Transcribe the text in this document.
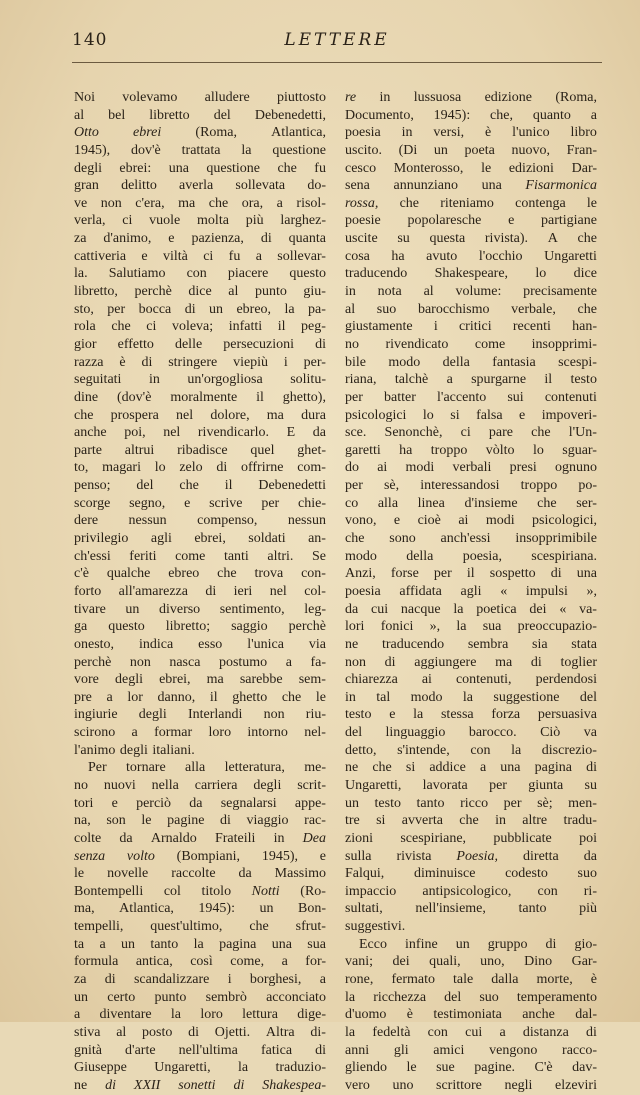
140	LETTERE
Noi volevamo alludere piuttosto
al bel libretto del Debenedetti,
Otto ebrei (Roma, Atlantica,
1945), dov'è trattata la questione
degli ebrei: una questione che fu
gran delitto averla sollevata do-
ve non c'era, ma che ora, a risol-
verla, ci vuole molta più larghez-
za d'animo, e pazienza, di quanta
cattiveria e viltà ci fu a sollevar-
la. Salutiamo con piacere questo
libretto, perchè dice al punto giu-
sto, per bocca di un ebreo, la pa-
rola che ci voleva; infatti il peg-
gior effetto delle persecuzioni di
razza è di stringere viepiù i per-
seguitati in un'orgogliosa solitu-
dine (dov'è moralmente il ghetto),
che prospera nel dolore, ma dura
anche poi, nel rivendicarlo. E da
parte altrui ribadisce quel ghet-
to, magari lo zelo di offrirne com-
penso; del che il Debenedetti
scorge segno, e scrive per chie-
dere nessun compenso, nessun
privilegio agli ebrei, soldati an-
ch'essi feriti come tanti altri. Se
c'è qualche ebreo che trova con-
forto all'amarezza di ieri nel col-
tivare un diverso sentimento, leg-
ga questo libretto; saggio perchè
onesto, indica esso l'unica via
perchè non nasca postumo a fa-
vore degli ebrei, ma sarebbe sem-
pre a lor danno, il ghetto che le
ingiurie degli Interlandi non riu-
scirono a formar loro intorno nel-
l'animo degli italiani.
Per tornare alla letteratura, me-
no nuovi nella carriera degli scrit-
tori e perciò da segnalarsi appe-
na, son le pagine di viaggio rac-
colte da Arnaldo Frateili in Dea
senza volto (Bompiani, 1945), e
le novelle raccolte da Massimo
Bontempelli col titolo Notti (Ro-
ma, Atlantica, 1945): un Bon-
tempelli, quest'ultimo, che sfrut-
ta a un tanto la pagina una sua
formula antica, così come, a for-
za di scandalizzare i borghesi, a
un certo punto sembrò acconciato
a diventare la loro lettura dige-
stiva al posto di Ojetti. Altra di-
gnità d'arte nell'ultima fatica di
Giuseppe Ungaretti, la traduzio-
ne di XXII sonetti di Shakespea-
re in lussuosa edizione (Roma,
Documento, 1945): che, quanto a
poesia in versi, è l'unico libro
uscito. (Di un poeta nuovo, Fran-
cesco Monterosso, le edizioni Dar-
sena annunziano una Fisarmonica
rossa, che riteniamo contenga le
poesie popolaresche e partigiane
uscite su questa rivista). A che
cosa ha avuto l'occhio Ungaretti
traducendo Shakespeare, lo dice
in nota al volume: precisamente
al suo barocchismo verbale, che
giustamente i critici recenti han-
no rivendicato come insopprimi-
bile modo della fantasia scespi-
riana, talchè a spurgarne il testo
per batter l'accento sui contenuti
psicologici lo si falsa e impoveri-
sce. Senonchè, ci pare che l'Un-
garetti ha troppo vòlto lo sguar-
do ai modi verbali presi ognuno
per sè, interessandosi troppo po-
co alla linea d'insieme che ser-
vono, e cioè ai modi psicologici,
che sono anch'essi insopprimibile
modo della poesia, scespiriana.
Anzi, forse per il sospetto di una
poesia affidata agli « impulsi »,
da cui nacque la poetica dei « va-
lori fonici », la sua preoccupazio-
ne traducendo sembra sia stata
non di aggiungere ma di toglier
chiarezza ai contenuti, perdendosi
in tal modo la suggestione del
testo e la stessa forza persuasiva
del linguaggio barocco. Ciò va
detto, s'intende, con la discrezio-
ne che si addice a una pagina di
Ungaretti, lavorata per giunta su
un testo tanto ricco per sè; men-
tre si avverta che in altre tradu-
zioni scespiriane, pubblicate poi
sulla rivista Poesia, diretta da
Falqui, diminuisce codesto suo
impaccio antipsicologico, con ri-
sultati, nell'insieme, tanto più
suggestivi.
Ecco infine un gruppo di gio-
vani; dei quali, uno, Dino Gar-
rone, fermato tale dalla morte, è
la ricchezza del suo temperamento
d'uomo è testimoniata anche dal-
la fedeltà con cui a distanza di
anni gli amici vengono racco-
gliendo le sue pagine. C'è dav-
vero uno scrittore negli elzeviri
